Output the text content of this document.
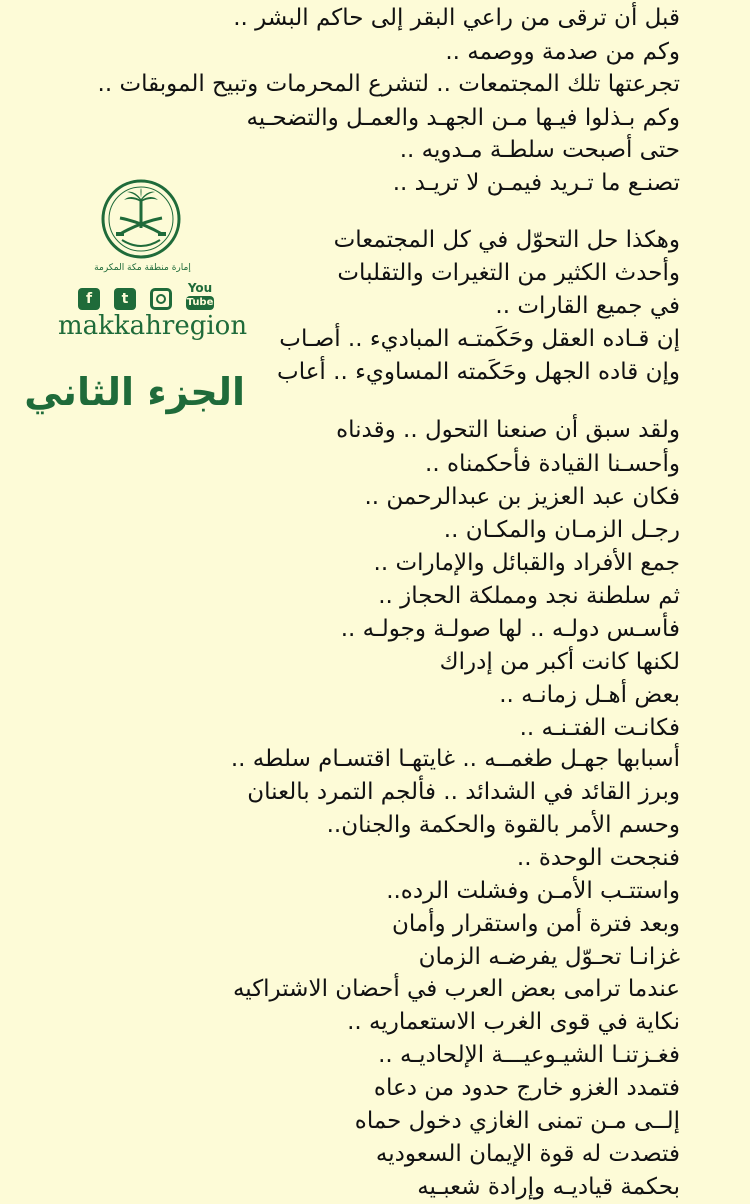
قبل أن ترقى من راعي البقر إلى حاكم البشر ..
وكم من صدمة ووصمه ..
تجرعتها تلك المجتمعات .. لتشرع المحرمات وتبيح الموبقات ..
وكم بـذلوا فيـها مـن الجهـد والعمـل والتضحـيه
حتى أصبحت سلطـة مـدويه ..
تصنـع ما تـريد فيمـن لا تريـد ..
وهكذا حل التحوّل في كل المجتمعات
وأحدث الكثير من التغيرات والتقلبات
في جميع القارات ..
إن قـاده العقل وحَكَمتـه المباديء .. أصـاب
وإن قاده الجهل وحَكَمته المساويء .. أعاب
ولقد سبق أن صنعنا التحول .. وقدناه
وأحسـنا القيادة فأحكمناه ..
فكان عبد العزيز بن عبدالرحمن ..
رجـل الزمـان والمكـان ..
جمع الأفراد والقبائل والإمارات ..
ثم سلطنة نجد ومملكة الحجاز ..
فأسـس دولـه .. لها صولـة وجولـه ..
لكنها كانت أكبر من إدراك
بعض أهـل زمانـه ..
فكانـت الفتـنـه ..
أسبابها جهـل طغمــه .. غايتهـا اقتسـام سلطه ..
وبرز القائد في الشدائد .. فألجم التمرد بالعنان
وحسم الأمر بالقوة والحكمة والجنان..
فنجحت الوحدة ..
واستتـب الأمـن وفشلت الرده..
وبعد فترة أمن واستقرار وأمان
غزانـا تحـوّل يفرضـه الزمان
عندما ترامى بعض العرب في أحضان الاشتراكيه
نكاية في قوى الغرب الاستعماريه ..
فغـزتنـا الشيـوعيـــة الإلحاديـه ..
فتمدد الغزو خارج حدود من دعاه
إلــى مـن تمنى الغازي دخول حماه
فتصدت له قوة الإيمان السعوديه
بحكمة قياديـه وإرادة شعبـيه
إمارة منطقة مكة المكرمة
f	t
You
Tube
makkahregion
الجزء الثاني
